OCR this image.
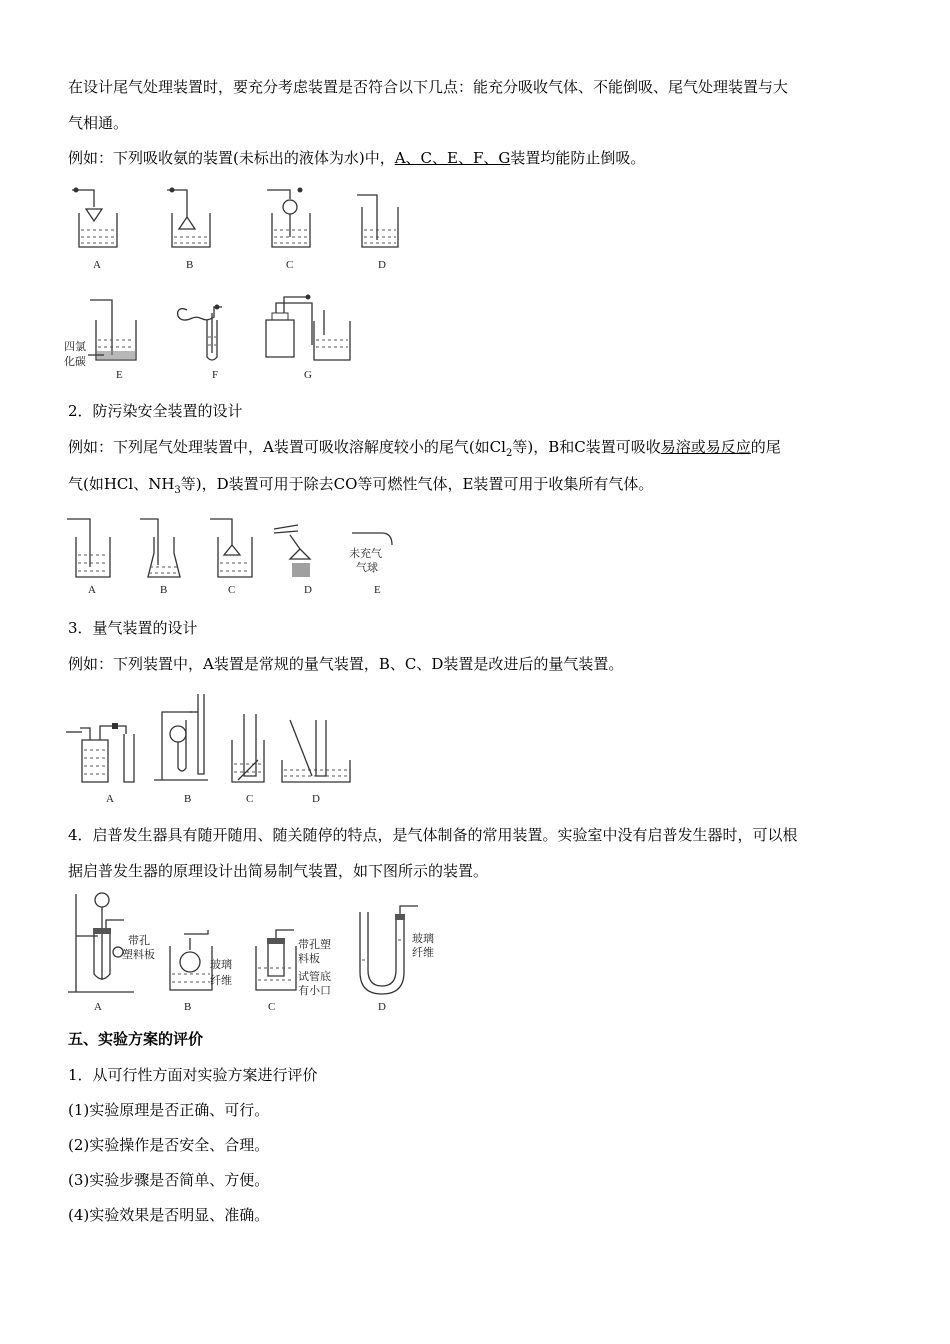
在设计尾气处理装置时，要充分考虑装置是否符合以下几点：能充分吸收气体、不能倒吸、尾气处理装置与大
气相通。
例如：下列吸收氨的装置(未标出的液体为水)中，A、C、E、F、G装置均能防止倒吸。
A	B	C	D
四氯
化碳
E	F	G
2．防污染安全装置的设计
例如：下列尾气处理装置中，A装置可吸收溶解度较小的尾气(如$Cl_2$等)，B和C装置可吸收易溶或易反应的尾
气(如HCl、$NH_3$等)，D装置可用于除去CO等可燃性气体，E装置可用于收集所有气体。
A	B	C	D
未充气
气球
E
3．量气装置的设计
例如：下列装置中，A装置是常规的量气装置，B、C、D装置是改进后的量气装置。
A	B	C	D
4．启普发生器具有随开随用、随关随停的特点，是气体制备的常用装置。实验室中没有启普发生器时，可以根
据启普发生器的原理设计出简易制气装置，如下图所示的装置。
带孔
塑料板
A
玻璃
纤维
B
带孔塑
料板
试管底
有小口
C
玻璃
纤维
D
五、实验方案的评价
1．从可行性方面对实验方案进行评价
(1)实验原理是否正确、可行。
(2)实验操作是否安全、合理。
(3)实验步骤是否简单、方便。
(4)实验效果是否明显、准确。
